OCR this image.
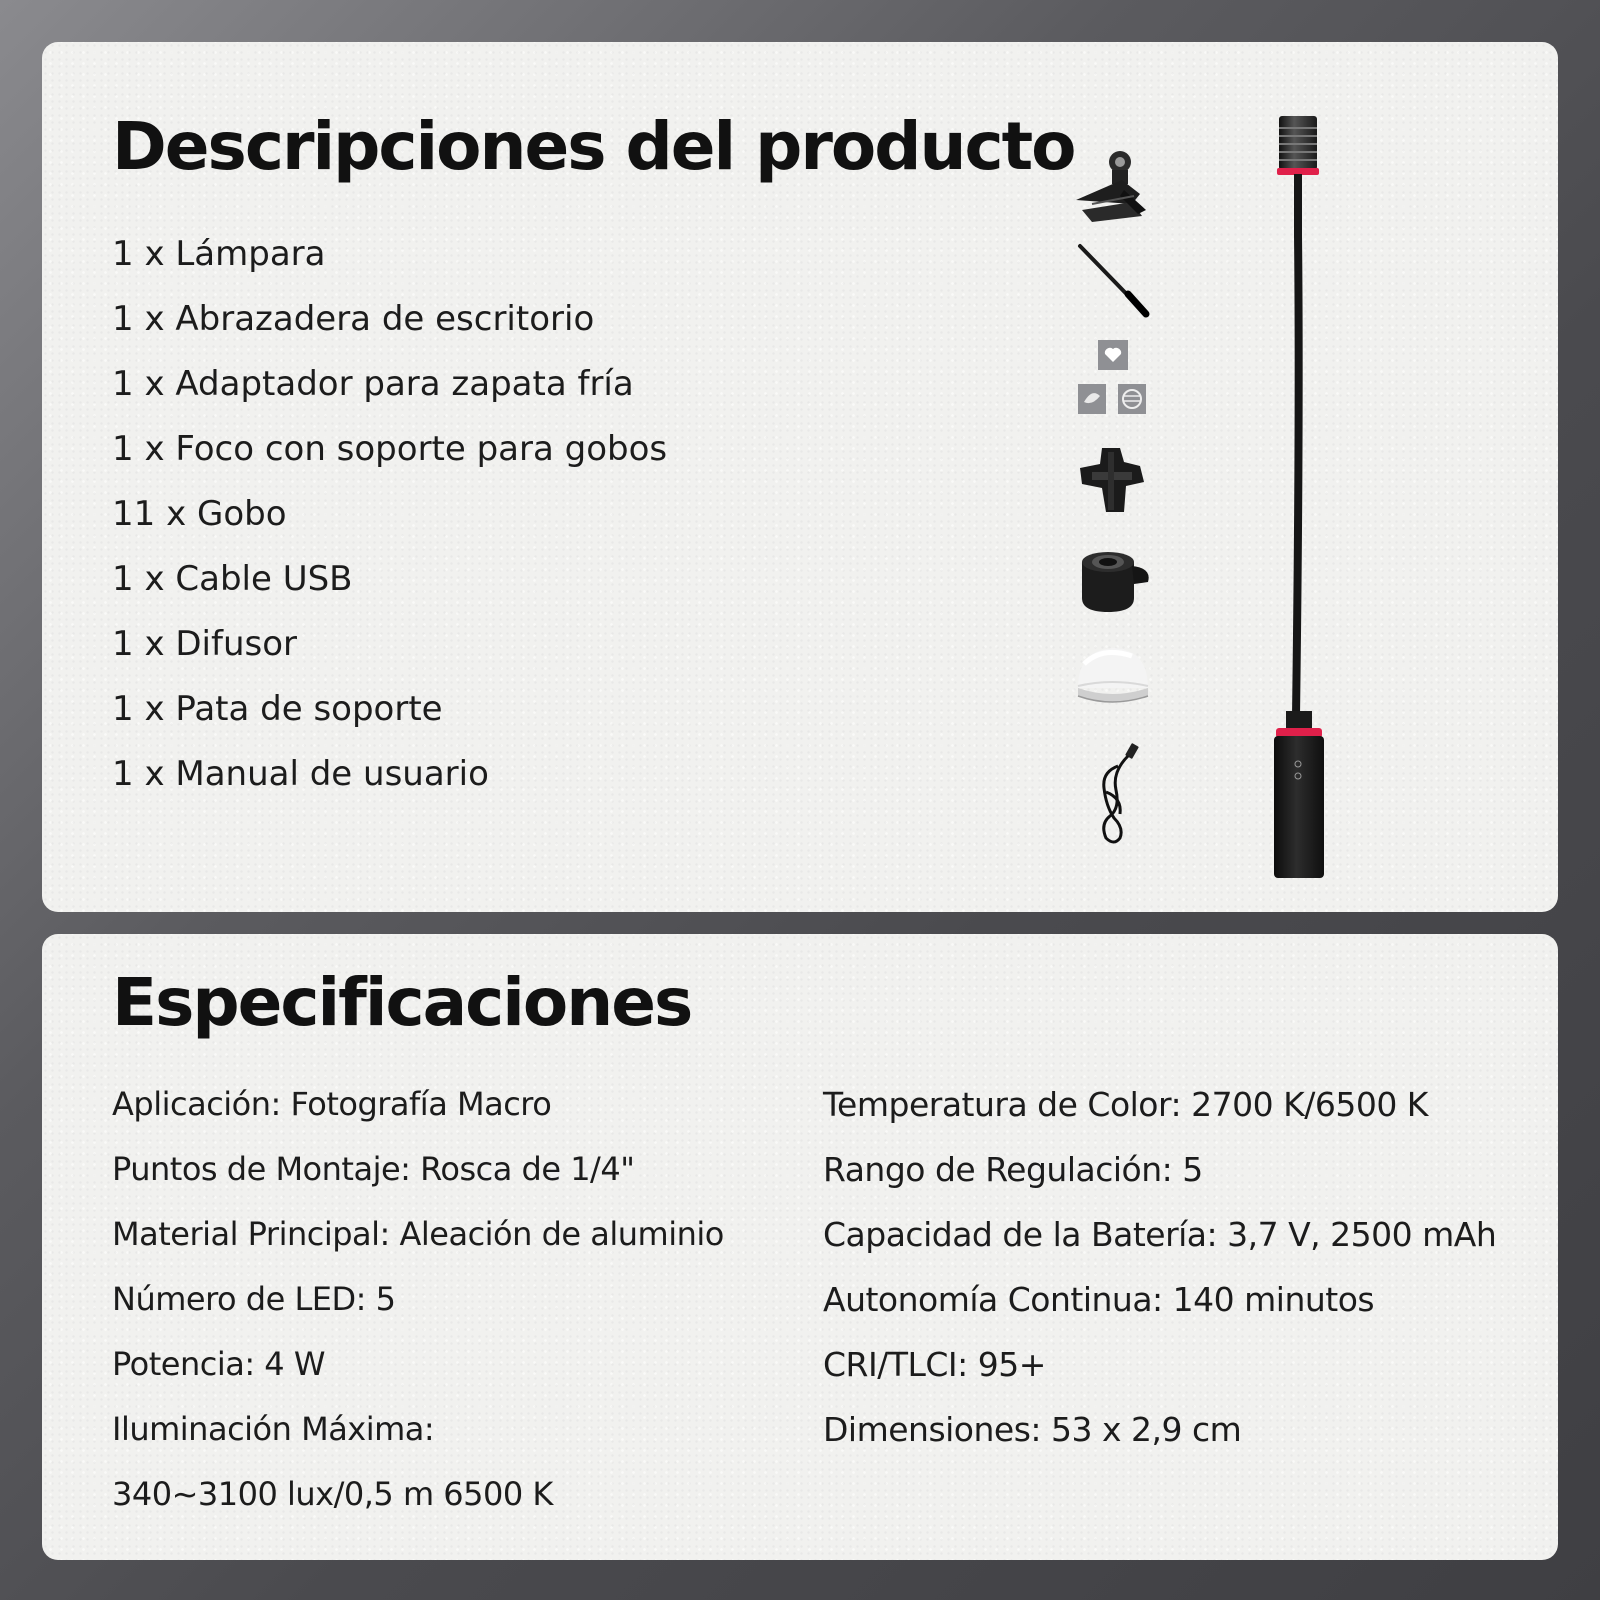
Descripciones del producto
1 x Lámpara
1 x Abrazadera de escritorio
1 x Adaptador para zapata fría
1 x Foco con soporte para gobos
11 x Gobo
1 x Cable USB
1 x Difusor
1 x Pata de soporte
1 x Manual de usuario
Especificaciones
Aplicación: Fotografía Macro
Puntos de Montaje: Rosca de 1/4"
Material Principal: Aleación de aluminio
Número de LED: 5
Potencia: 4 W
Iluminación Máxima:
340~3100 lux/0,5 m 6500 K
Temperatura de Color: 2700 K/6500 K
Rango de Regulación: 5
Capacidad de la Batería: 3,7 V, 2500 mAh
Autonomía Continua: 140 minutos
CRI/TLCI: 95+
Dimensiones: 53 x 2,9 cm
